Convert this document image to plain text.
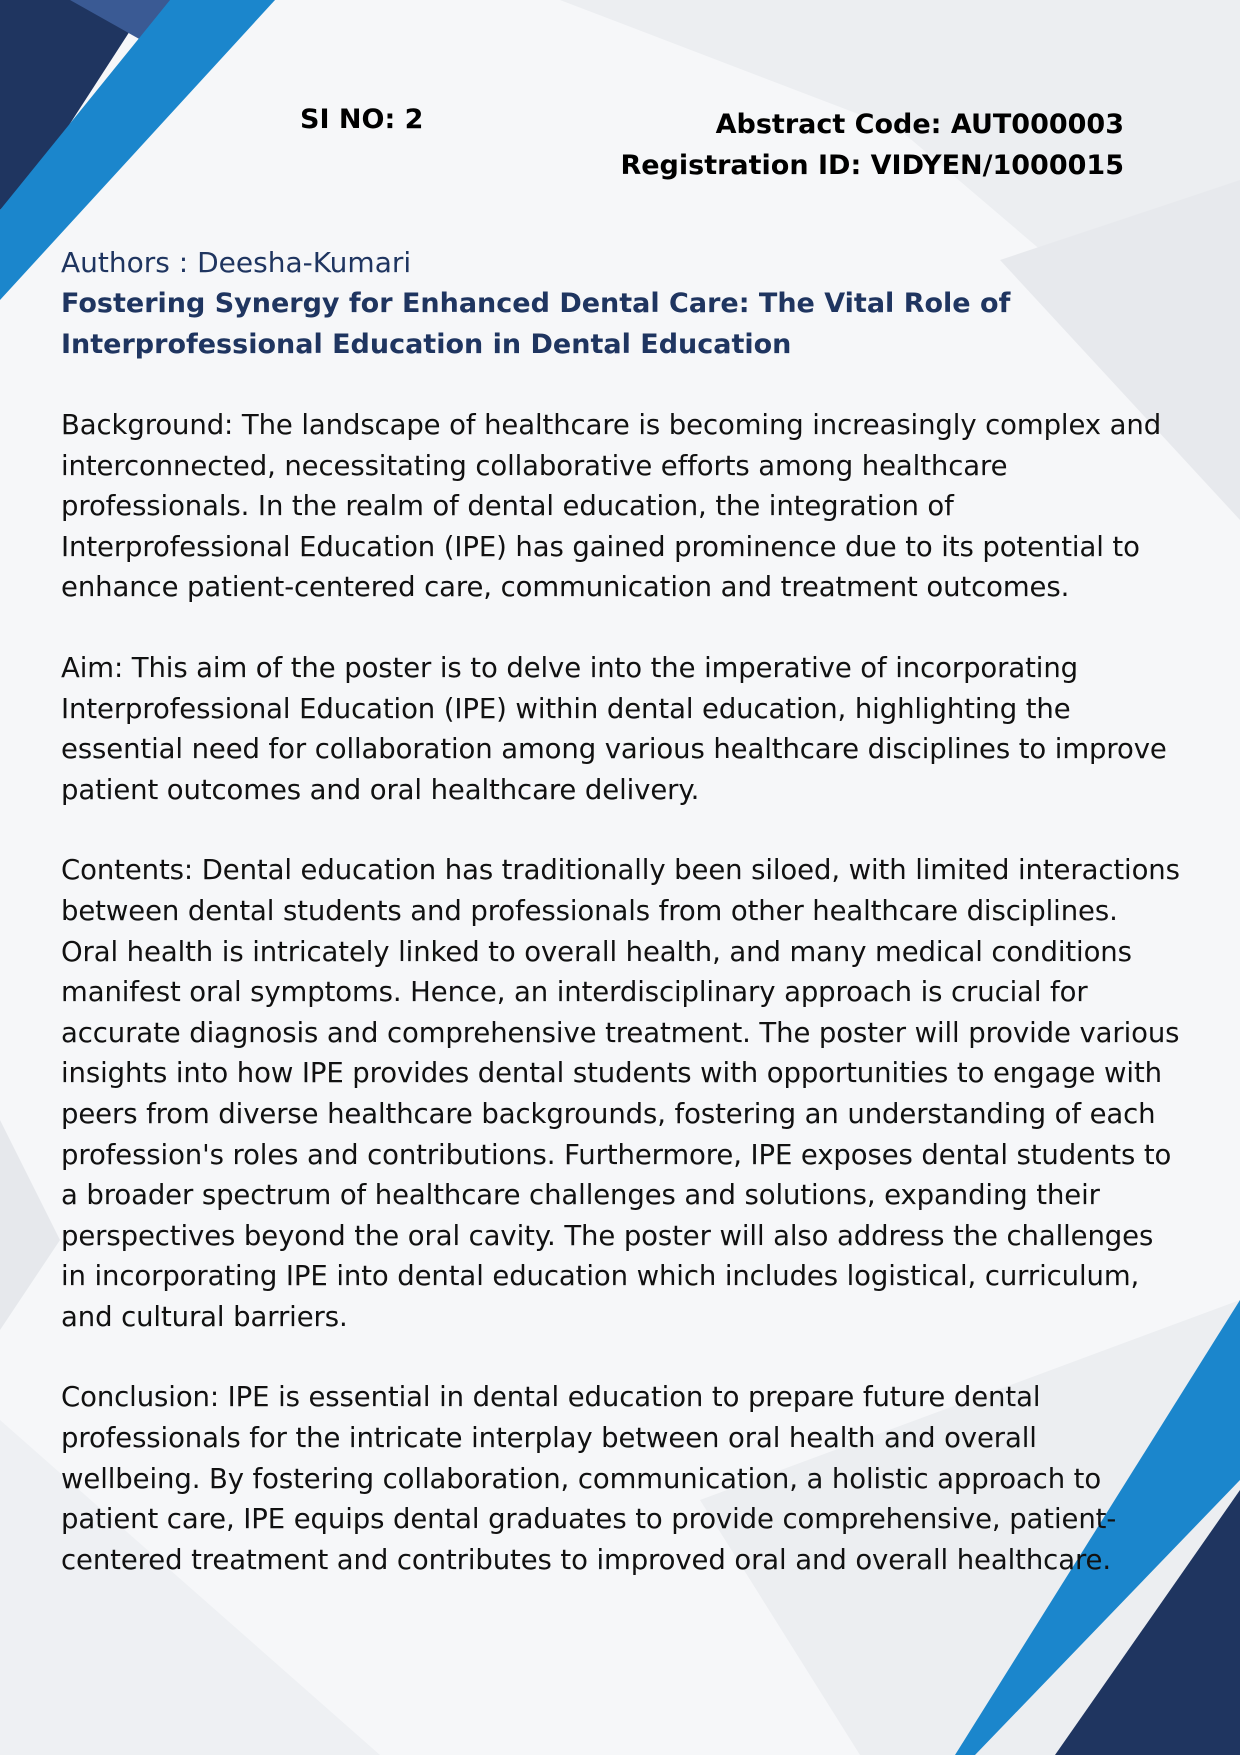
SI NO: 2	Abstract Code: AUT000003
Registration ID: VIDYEN/1000015
Authors : Deesha-Kumari
Fostering Synergy for Enhanced Dental Care: The Vital Role of Interprofessional Education in Dental Education
Background: The landscape of healthcare is becoming increasingly complex and interconnected, necessitating collaborative efforts among healthcare professionals. In the realm of dental education, the integration of Interprofessional Education (IPE) has gained prominence due to its potential to enhance patient-centered care, communication and treatment outcomes.
Aim: This aim of the poster is to delve into the imperative of incorporating Interprofessional Education (IPE) within dental education, highlighting the essential need for collaboration among various healthcare disciplines to improve patient outcomes and oral healthcare delivery.
Contents: Dental education has traditionally been siloed, with limited interactions between dental students and professionals from other healthcare disciplines. Oral health is intricately linked to overall health, and many medical conditions manifest oral symptoms. Hence, an interdisciplinary approach is crucial for accurate diagnosis and comprehensive treatment. The poster will provide various insights into how IPE provides dental students with opportunities to engage with peers from diverse healthcare backgrounds, fostering an understanding of each profession's roles and contributions. Furthermore, IPE exposes dental students to a broader spectrum of healthcare challenges and solutions, expanding their perspectives beyond the oral cavity. The poster will also address the challenges in incorporating IPE into dental education which includes logistical, curriculum, and cultural barriers.
Conclusion: IPE is essential in dental education to prepare future dental professionals for the intricate interplay between oral health and overall wellbeing. By fostering collaboration, communication, a holistic approach to patient care, IPE equips dental graduates to provide comprehensive, patient-centered treatment and contributes to improved oral and overall healthcare.
